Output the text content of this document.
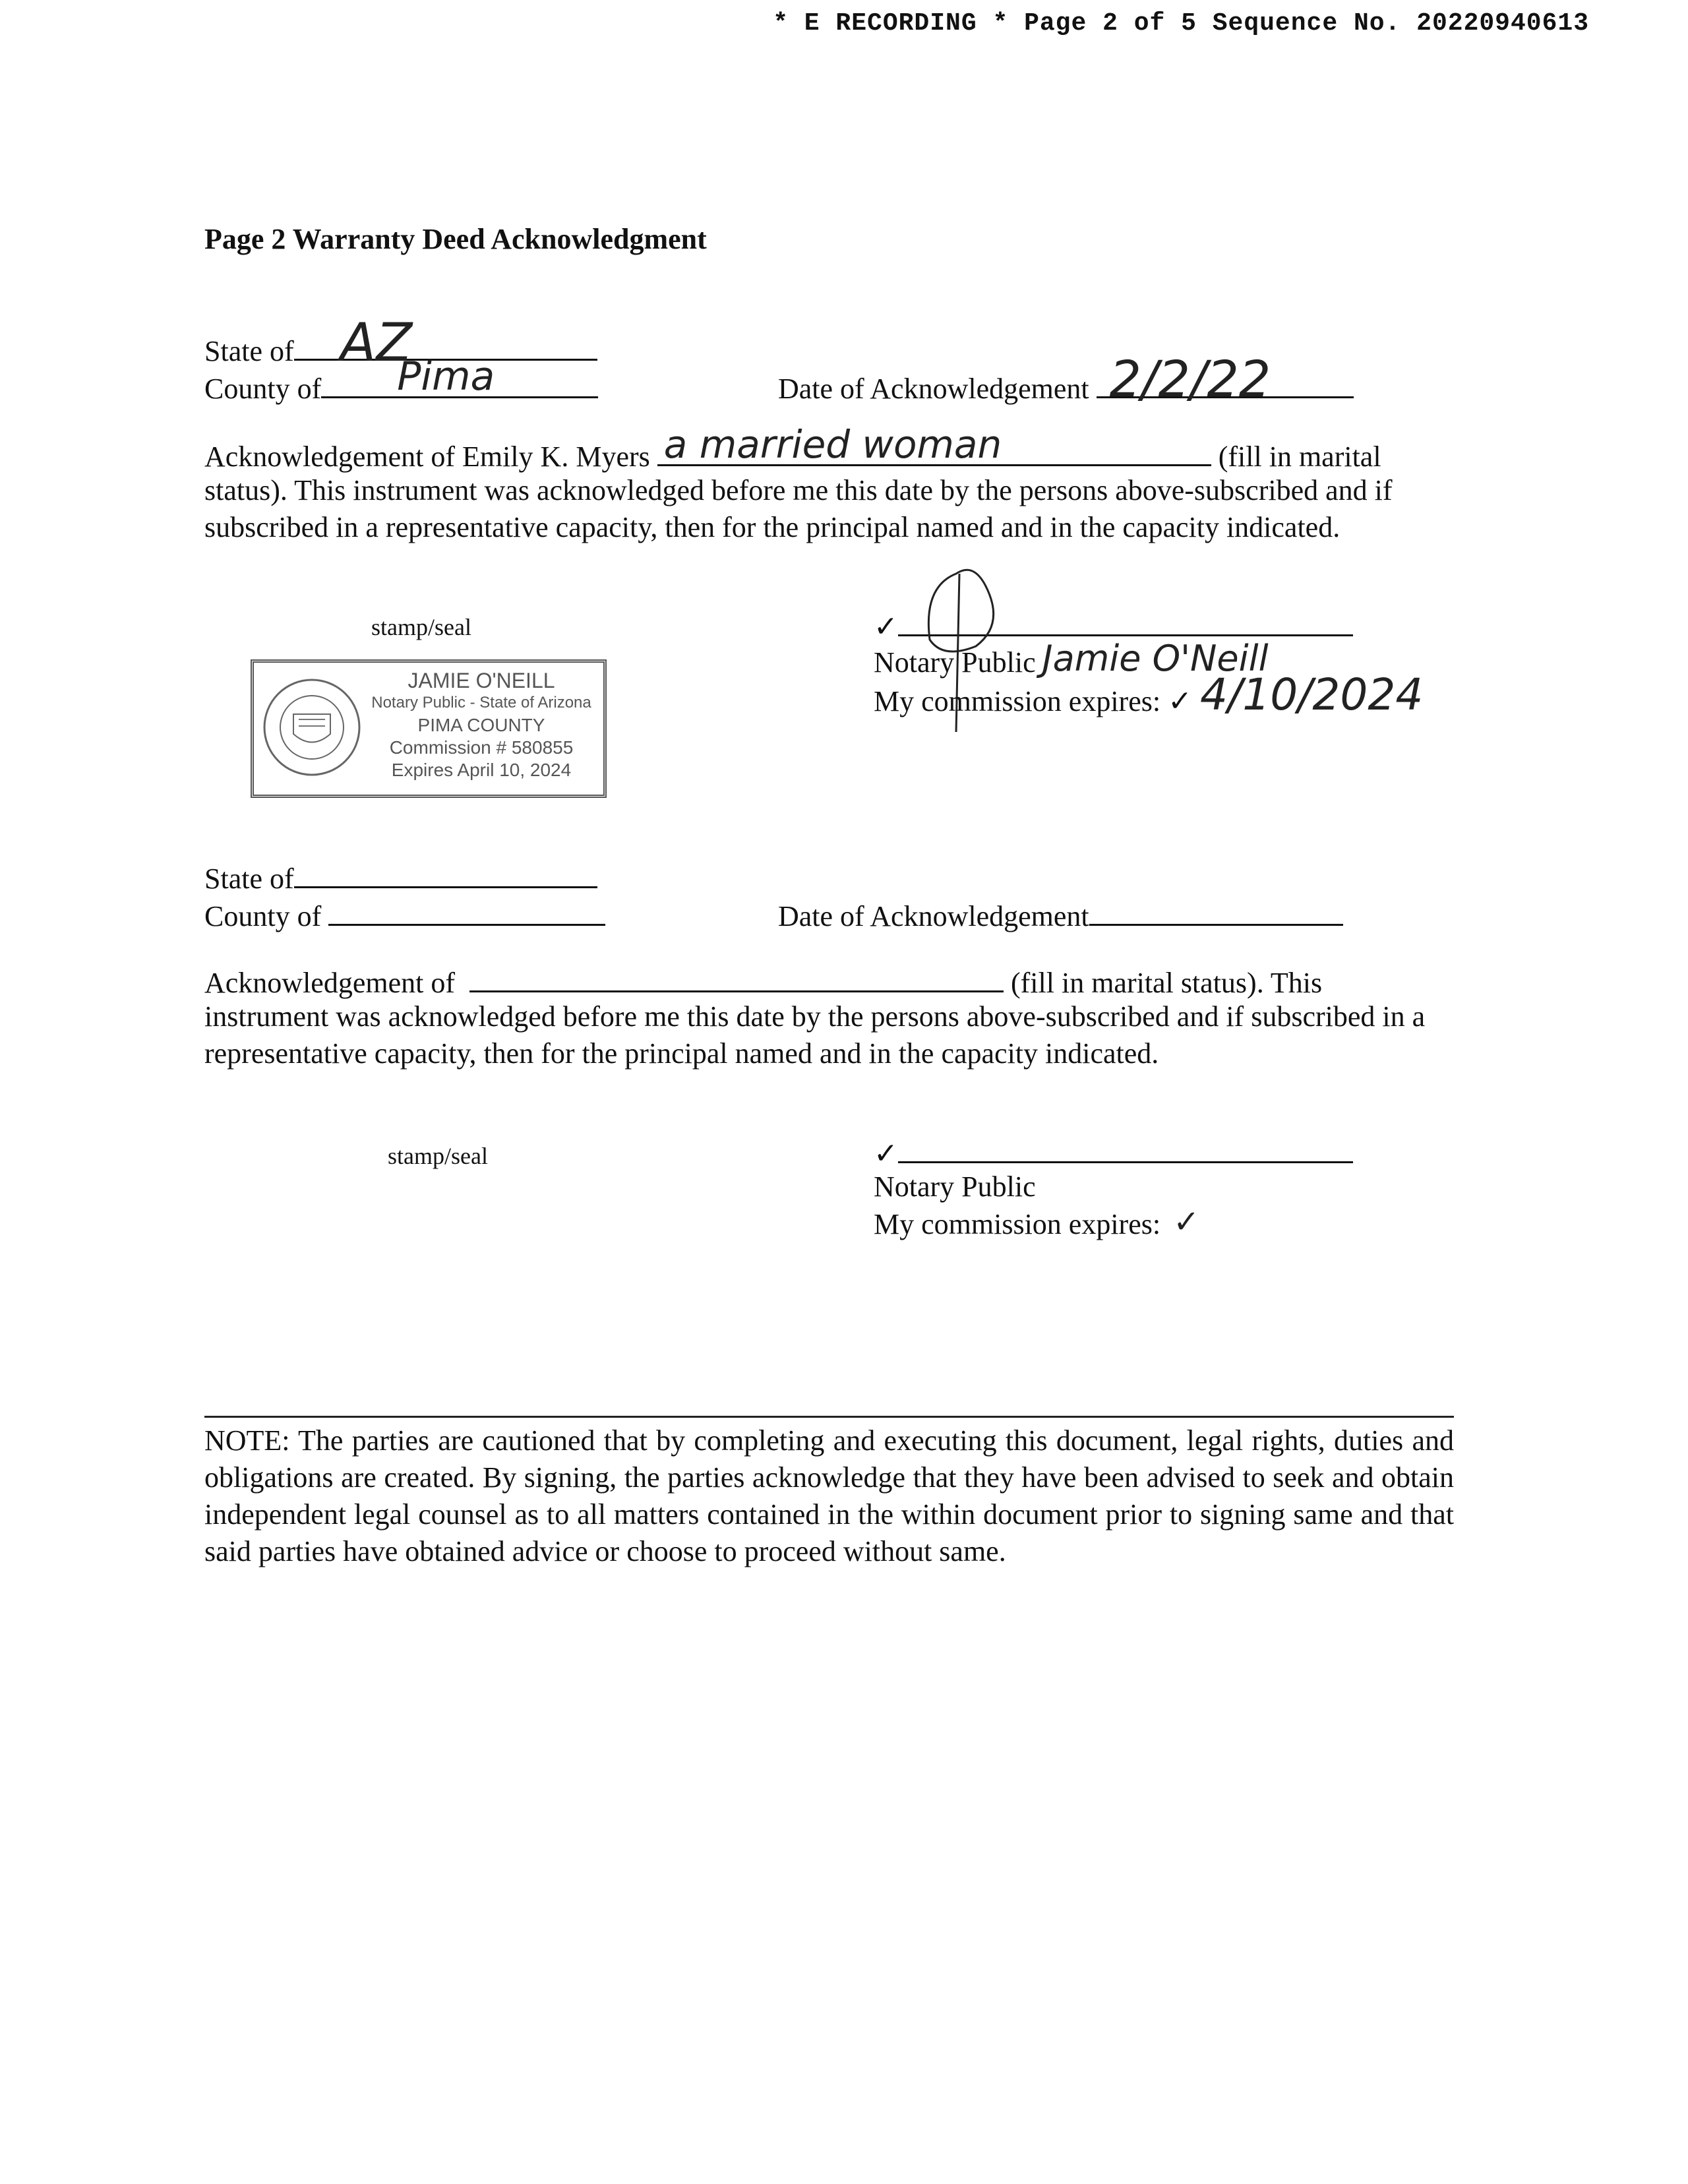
* E RECORDING * Page 2 of 5 Sequence No. 20220940613
Page 2 Warranty Deed Acknowledgment
State of AZ
County of Pima	Date of Acknowledgement 2/2/22
Acknowledgement of Emily K. Myers a married woman	(fill in marital
status). This instrument was acknowledged before me this date by the persons above-subscribed and if subscribed in a representative capacity, then for the principal named and in the capacity indicated.
stamp/seal
JAMIE O'NEILL
Notary Public - State of Arizona
PIMA COUNTY
Commission # 580855
Expires April 10, 2024
✓
Notary Public Jamie O'Neill
My commission expires: ✓ 4/10/2024
State of
County of	Date of Acknowledgement
Acknowledgement of	(fill in marital status). This
instrument was acknowledged before me this date by the persons above-subscribed and if subscribed in a representative capacity, then for the principal named and in the capacity indicated.
stamp/seal	✓
Notary Public
My commission expires: ✓
NOTE: The parties are cautioned that by completing and executing this document, legal rights, duties and obligations are created. By signing, the parties acknowledge that they have been advised to seek and obtain independent legal counsel as to all matters contained in the within document prior to signing same and that said parties have obtained advice or choose to proceed without same.
